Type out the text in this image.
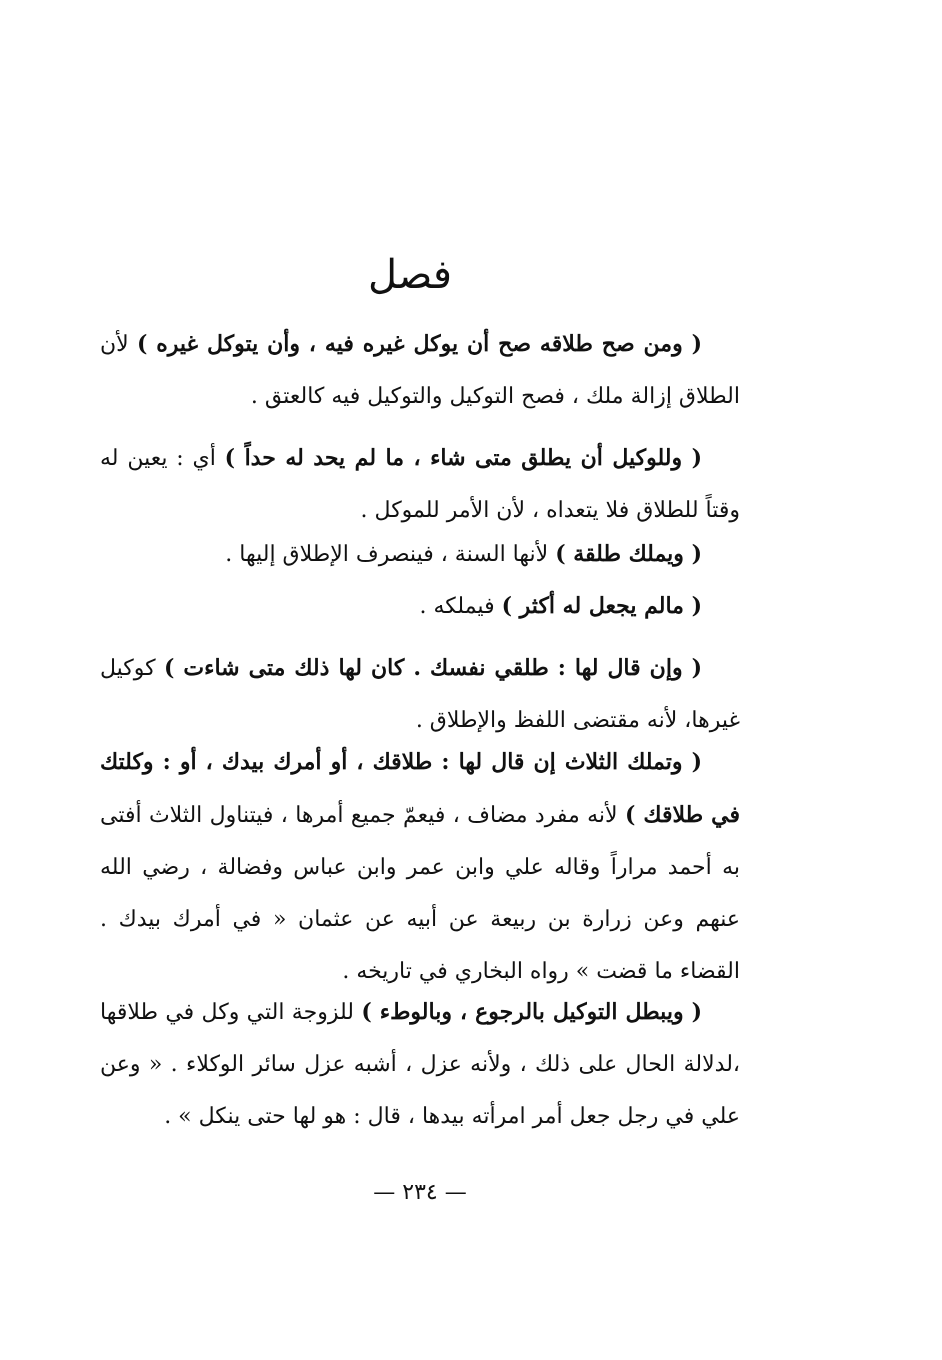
فصل

( ومن صح طلاقه صح أن يوكل غيره فيه ، وأن يتوكل غيره ) لأن الطلاق إزالة ملك ، فصح التوكيل والتوكيل فيه كالعتق .

( وللوكيل أن يطلق متى شاء ، ما لم يحد له حداً ) أي : يعين له وقتاً للطلاق فلا يتعداه ، لأن الأمر للموكل .

( ويملك طلقة ) لأنها السنة ، فينصرف الإطلاق إليها .

( مالم يجعل له أكثر ) فيملكه .

( وإن قال لها : طلقي نفسك . كان لها ذلك متى شاءت ) كوكيل غيرها، لأنه مقتضى اللفظ والإطلاق .

( وتملك الثلاث إن قال لها : طلاقك ، أو أمرك بيدك ، أو : وكلتك في طلاقك ) لأنه مفرد مضاف ، فيعمّ جميع أمرها ، فيتناول الثلاث أفتى به أحمد مراراً وقاله علي وابن عمر وابن عباس وفضالة ، رضي الله عنهم وعن زرارة بن ربيعة عن أبيه عن عثمان « في أمرك بيدك . القضاء ما قضت » رواه البخاري في تاريخه .

( ويبطل التوكيل بالرجوع ، وبالوطء ) للزوجة التي وكل في طلاقها ،لدلالة الحال على ذلك ، ولأنه عزل ، أشبه عزل سائر الوكلاء . « وعن علي في رجل جعل أمر امرأته بيدها ، قال : هو لها حتى ينكل » .

— ٢٣٤ —
